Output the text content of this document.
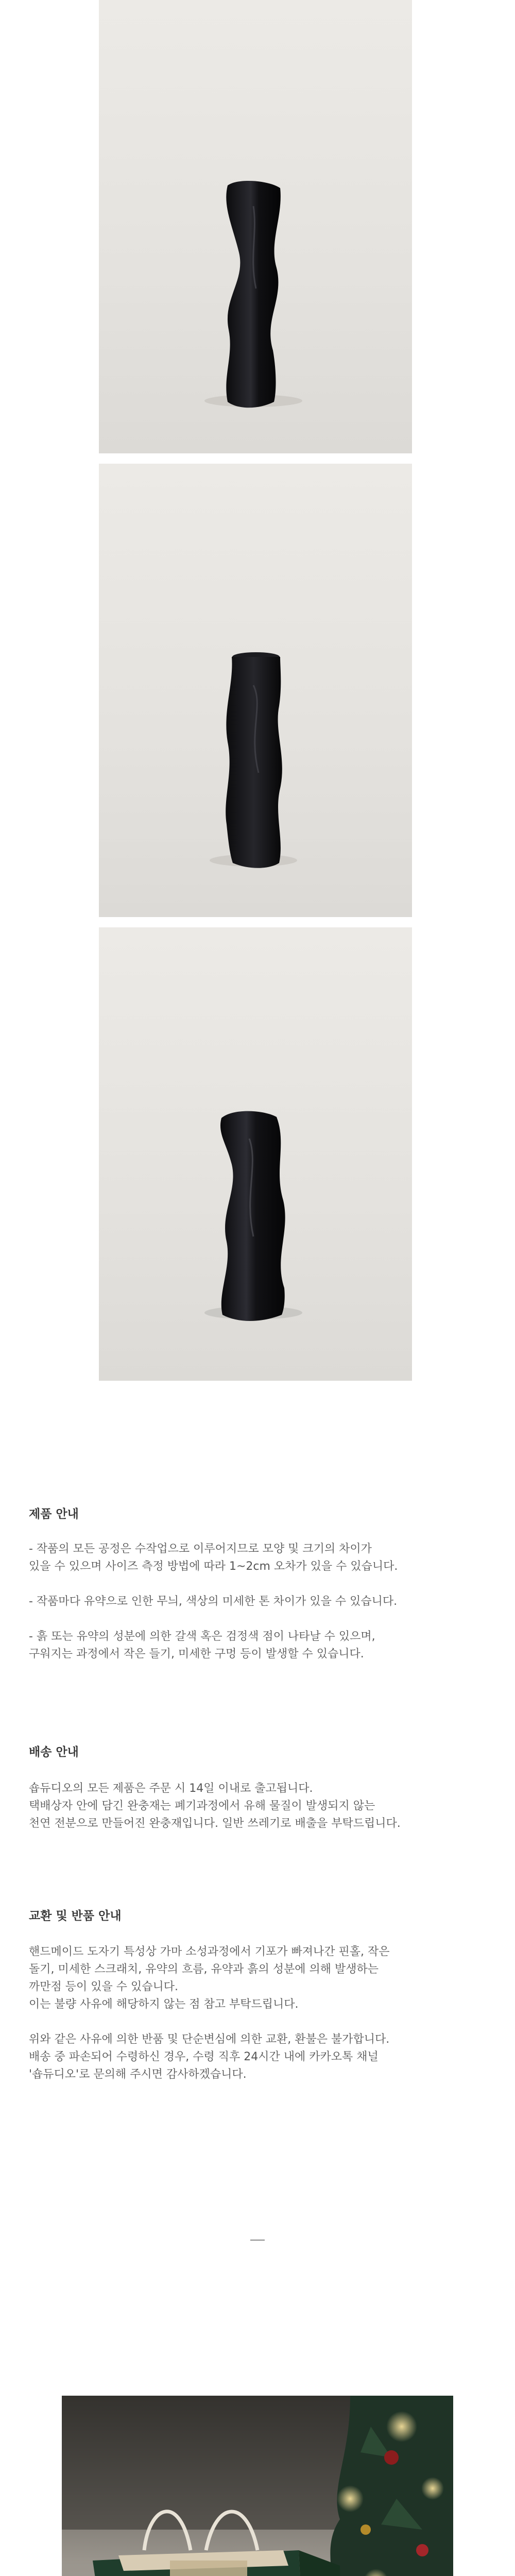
제품 안내
- 작품의 모든 공정은 수작업으로 이루어지므로 모양 및 크기의 차이가
있을 수 있으며 사이즈 측정 방법에 따라 1~2cm 오차가 있을 수 있습니다.
- 작품마다 유약으로 인한 무늬, 색상의 미세한 톤 차이가 있을 수 있습니다.
- 흙 또는 유약의 성분에 의한 갈색 혹은 검정색 점이 나타날 수 있으며,
구워지는 과정에서 작은 들기, 미세한 구멍 등이 발생할 수 있습니다.
배송 안내
숍듀디오의 모든 제품은 주문 시 14일 이내로 출고됩니다.
택배상자 안에 담긴 완충재는 폐기과정에서 유해 물질이 발생되지 않는
천연 전분으로 만들어진 완충재입니다. 일반 쓰레기로 배출을 부탁드립니다.
교환 및 반품 안내
핸드메이드 도자기 특성상 가마 소성과정에서 기포가 빠져나간 핀홀, 작은
돌기, 미세한 스크래치, 유약의 흐름, 유약과 흙의 성분에 의해 발생하는
까만점 등이 있을 수 있습니다.
이는 불량 사유에 해당하지 않는 점 참고 부탁드립니다.
위와 같은 사유에 의한 반품 및 단순변심에 의한 교환, 환불은 불가합니다.
배송 중 파손되어 수령하신 경우, 수령 직후 24시간 내에 카카오톡 채널
'숍듀디오'로 문의해 주시면 감사하겠습니다.
